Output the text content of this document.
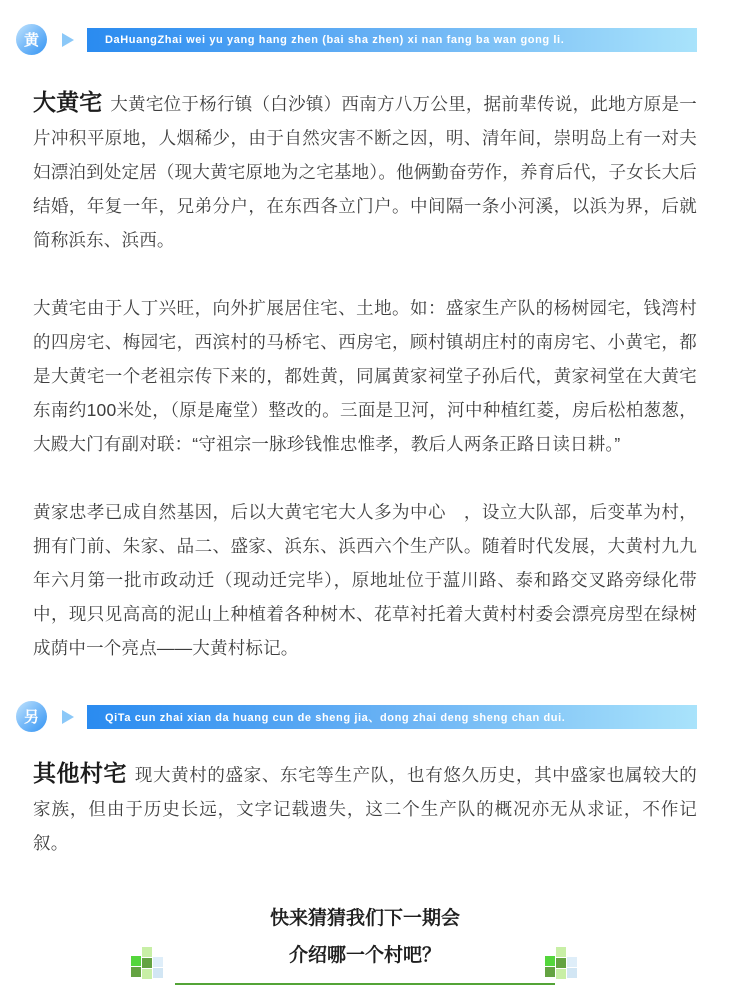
黄	DaHuangZhai wei yu yang hang zhen (bai sha zhen) xi nan fang ba wan gong li.

大黄宅 大黄宅位于杨行镇（白沙镇）西南方八万公里，据前辈传说，此地方原是一片冲积平原地，人烟稀少，由于自然灾害不断之因，明、清年间，崇明岛上有一对夫妇漂泊到处定居（现大黄宅原地为之宅基地）。他俩勤奋劳作，养育后代，子女长大后结婚，年复一年，兄弟分户，在东西各立门户。中间隔一条小河溪，以浜为界，后就简称浜东、浜西。

大黄宅由于人丁兴旺，向外扩展居住宅、土地。如：盛家生产队的杨树园宅，钱湾村的四房宅、梅园宅，西滨村的马桥宅、西房宅，顾村镇胡庄村的南房宅、小黄宅，都是大黄宅一个老祖宗传下来的，都姓黄，同属黄家祠堂子孙后代，黄家祠堂在大黄宅东南约100米处，（原是庵堂）整改的。三面是卫河，河中种植红菱，房后松柏葱葱，大殿大门有副对联：“守祖宗一脉珍钱惟忠惟孝，教后人两条正路日读日耕。”

黄家忠孝已成自然基因，后以大黄宅宅大人多为中心　，设立大队部，后变革为村，拥有门前、朱家、品二、盛家、浜东、浜西六个生产队。随着时代发展，大黄村九九年六月第一批市政动迁（现动迁完毕），原地址位于蕰川路、泰和路交叉路旁绿化带中，现只见高高的泥山上种植着各种树木、花草衬托着大黄村村委会漂亮房型在绿树成荫中一个亮点——大黄村标记。

另	QiTa cun zhai xian da huang cun de sheng jia、dong zhai deng sheng chan dui.

其他村宅 现大黄村的盛家、东宅等生产队，也有悠久历史，其中盛家也属较大的家族，但由于历史长远，文字记载遗失，这二个生产队的概况亦无从求证，不作记叙。

快来猜猜我们下一期会
介绍哪一个村吧？
